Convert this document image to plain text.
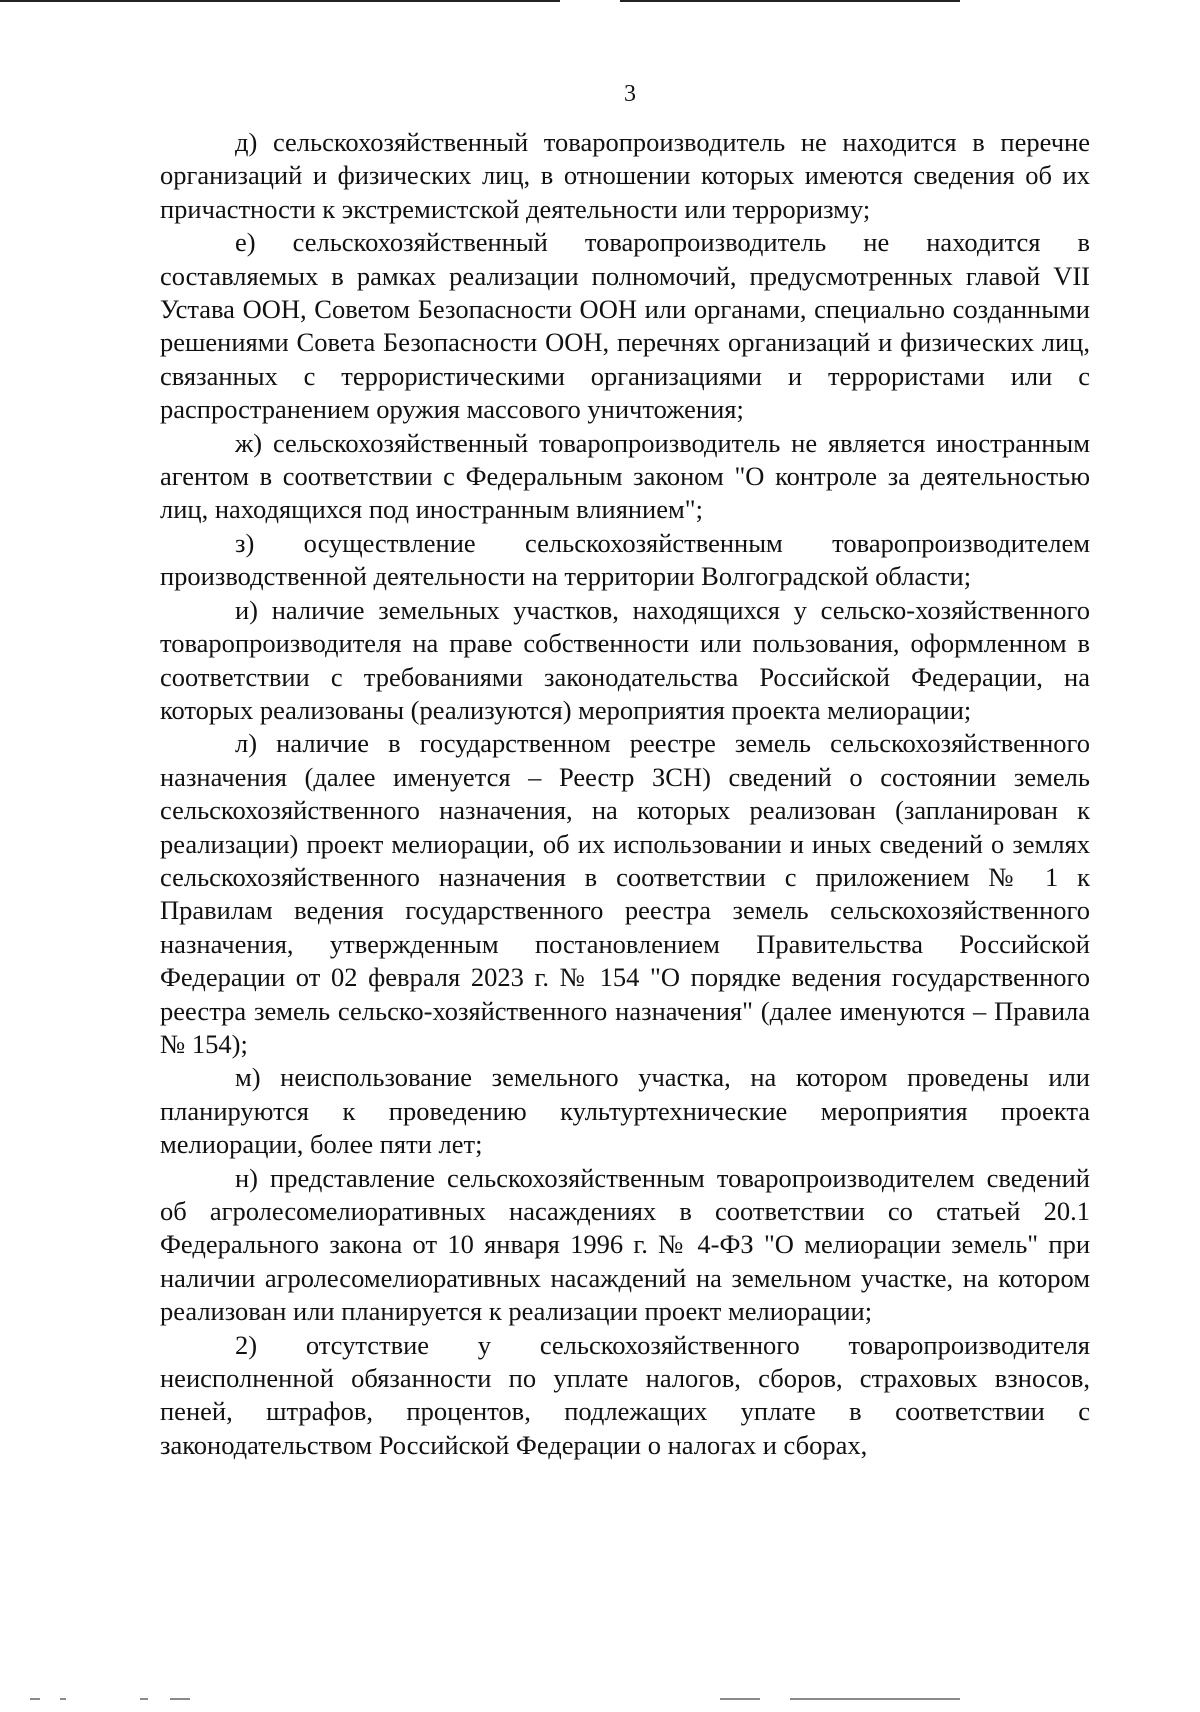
3

д) сельскохозяйственный товаропроизводитель не находится в перечне организаций и физических лиц, в отношении которых имеются сведения об их причастности к экстремистской деятельности или терроризму;

е) сельскохозяйственный товаропроизводитель не находится в составляемых в рамках реализации полномочий, предусмотренных главой VII Устава ООН, Советом Безопасности ООН или органами, специально созданными решениями Совета Безопасности ООН, перечнях организаций и физических лиц, связанных с террористическими организациями и террористами или с распространением оружия массового уничтожения;

ж) сельскохозяйственный товаропроизводитель не является иностранным агентом в соответствии с Федеральным законом "О контроле за деятельностью лиц, находящихся под иностранным влиянием";

з) осуществление сельскохозяйственным товаропроизводителем производственной деятельности на территории Волгоградской области;

и) наличие земельных участков, находящихся у сельско-хозяйственного товаропроизводителя на праве собственности или пользования, оформленном в соответствии с требованиями законодательства Российской Федерации, на которых реализованы (реализуются) мероприятия проекта мелиорации;

л) наличие в государственном реестре земель сельскохозяйственного назначения (далее именуется – Реестр ЗСН) сведений о состоянии земель сельскохозяйственного назначения, на которых реализован (запланирован к реализации) проект мелиорации, об их использовании и иных сведений о землях сельскохозяйственного назначения в соответствии с приложением № 1 к Правилам ведения государственного реестра земель сельскохозяйственного назначения, утвержденным постановлением Правительства Российской Федерации от 02 февраля 2023 г. № 154 "О порядке ведения государственного реестра земель сельско-хозяйственного назначения" (далее именуются – Правила № 154);

м) неиспользование земельного участка, на котором проведены или планируются к проведению культуртехнические мероприятия проекта мелиорации, более пяти лет;

н) представление сельскохозяйственным товаропроизводителем сведений об агролесомелиоративных насаждениях в соответствии со статьей 20.1 Федерального закона от 10 января 1996 г. № 4-ФЗ "О мелиорации земель" при наличии агролесомелиоративных насаждений на земельном участке, на котором реализован или планируется к реализации проект мелиорации;

2) отсутствие у сельскохозяйственного товаропроизводителя неисполненной обязанности по уплате налогов, сборов, страховых взносов, пеней, штрафов, процентов, подлежащих уплате в соответствии с законодательством Российской Федерации о налогах и сборах,
